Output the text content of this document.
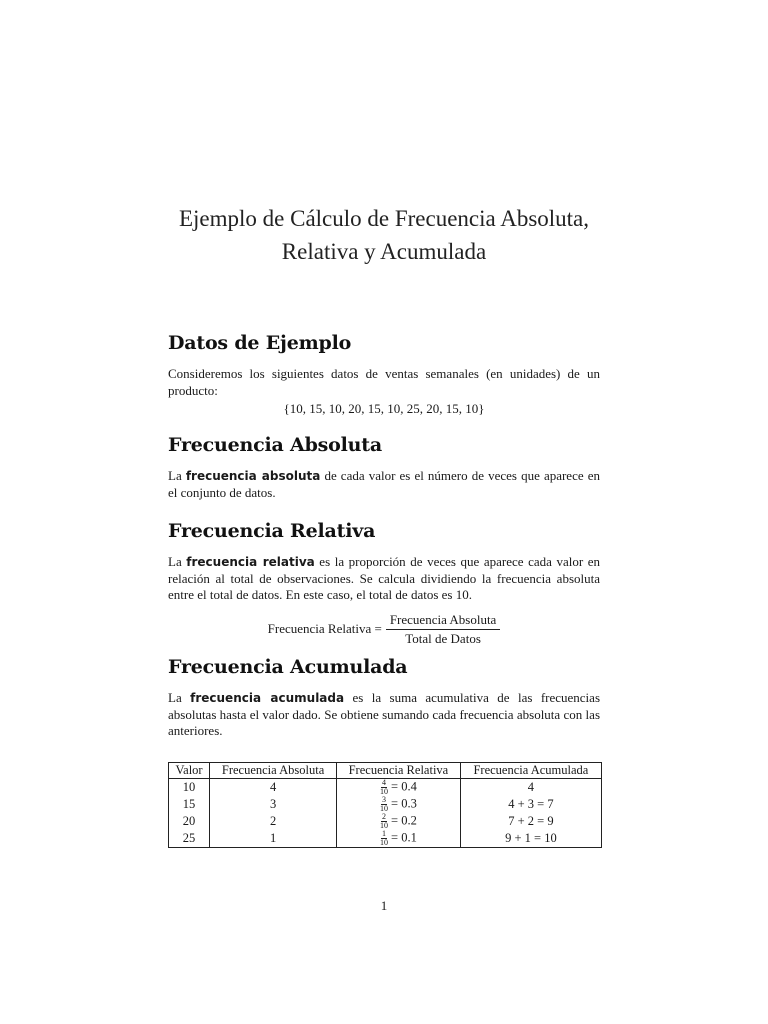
Ejemplo de Cálculo de Frecuencia Absoluta,
Relativa y Acumulada
Datos de Ejemplo

Consideremos los siguientes datos de ventas semanales (en unidades) de un producto:

{10, 15, 10, 20, 15, 10, 25, 20, 15, 10}
Frecuencia Absoluta

La frecuencia absoluta de cada valor es el número de veces que aparece en el conjunto de datos.

Frecuencia Relativa

La frecuencia relativa es la proporción de veces que aparece cada valor en relación al total de observaciones. Se calcula dividiendo la frecuencia absoluta entre el total de datos. En este caso, el total de datos es 10.

Frecuencia Relativa = $\frac{\text{Frecuencia Absoluta}}{\text{Total de Datos}}$
Frecuencia Acumulada

La frecuencia acumulada es la suma acumulativa de las frecuencias absolutas hasta el valor dado. Se obtiene sumando cada frecuencia absoluta con las anteriores.

Valor	Frecuencia Absoluta	Frecuencia Relativa	Frecuencia Acumulada
10	4	$\frac{4}{10} = 0.4$	4
15	3	$\frac{3}{10} = 0.3$	4 + 3 = 7
20	2	$\frac{2}{10} = 0.2$	7 + 2 = 9
25	1	$\frac{1}{10} = 0.1$	9 + 1 = 10
1
